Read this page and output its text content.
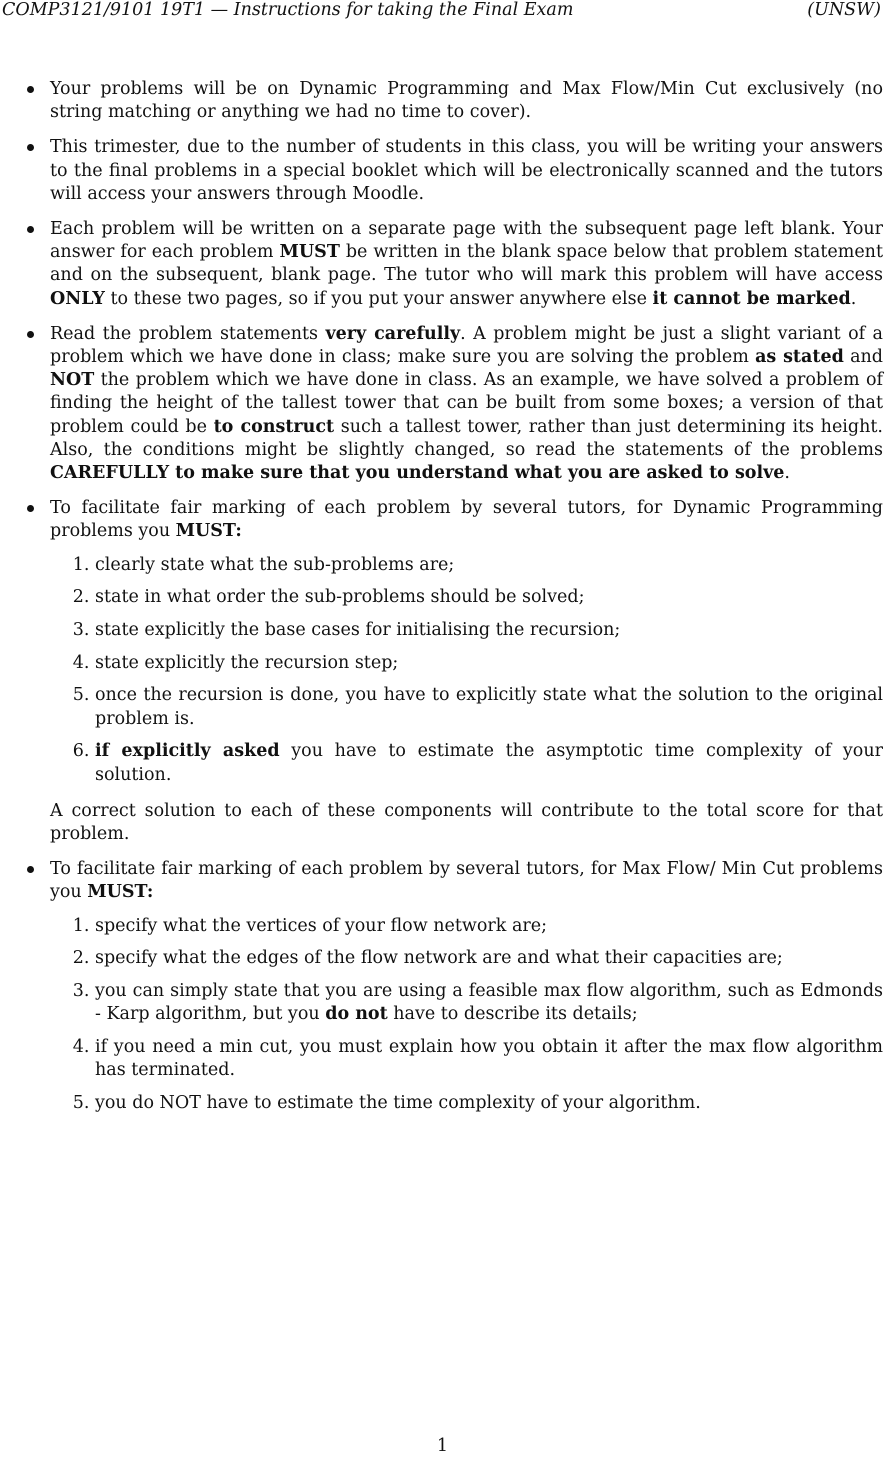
COMP3121/9101 19T1 — Instructions for taking the Final Exam	(UNSW)

Your problems will be on Dynamic Programming and Max Flow/Min Cut exclusively (no string matching or anything we had no time to cover).

This trimester, due to the number of students in this class, you will be writing your answers to the final problems in a special booklet which will be electronically scanned and the tutors will access your answers through Moodle.

Each problem will be written on a separate page with the subsequent page left blank. Your answer for each problem MUST be written in the blank space below that problem statement and on the subsequent, blank page. The tutor who will mark this problem will have access ONLY to these two pages, so if you put your answer anywhere else it cannot be marked.

Read the problem statements very carefully. A problem might be just a slight variant of a problem which we have done in class; make sure you are solving the problem as stated and NOT the problem which we have done in class. As an example, we have solved a problem of finding the height of the tallest tower that can be built from some boxes; a version of that problem could be to construct such a tallest tower, rather than just determining its height. Also, the conditions might be slightly changed, so read the statements of the problems CAREFULLY to make sure that you understand what you are asked to solve.

To facilitate fair marking of each problem by several tutors, for Dynamic Programming problems you MUST:

1. clearly state what the sub-problems are;
2. state in what order the sub-problems should be solved;
3. state explicitly the base cases for initialising the recursion;
4. state explicitly the recursion step;
5. once the recursion is done, you have to explicitly state what the solution to the original problem is.
6. if explicitly asked you have to estimate the asymptotic time complexity of your solution.

A correct solution to each of these components will contribute to the total score for that problem.

To facilitate fair marking of each problem by several tutors, for Max Flow/ Min Cut problems you MUST:

1. specify what the vertices of your flow network are;
2. specify what the edges of the flow network are and what their capacities are;
3. you can simply state that you are using a feasible max flow algorithm, such as Edmonds - Karp algorithm, but you do not have to describe its details;
4. if you need a min cut, you must explain how you obtain it after the max flow algorithm has terminated.
5. you do NOT have to estimate the time complexity of your algorithm.
1
